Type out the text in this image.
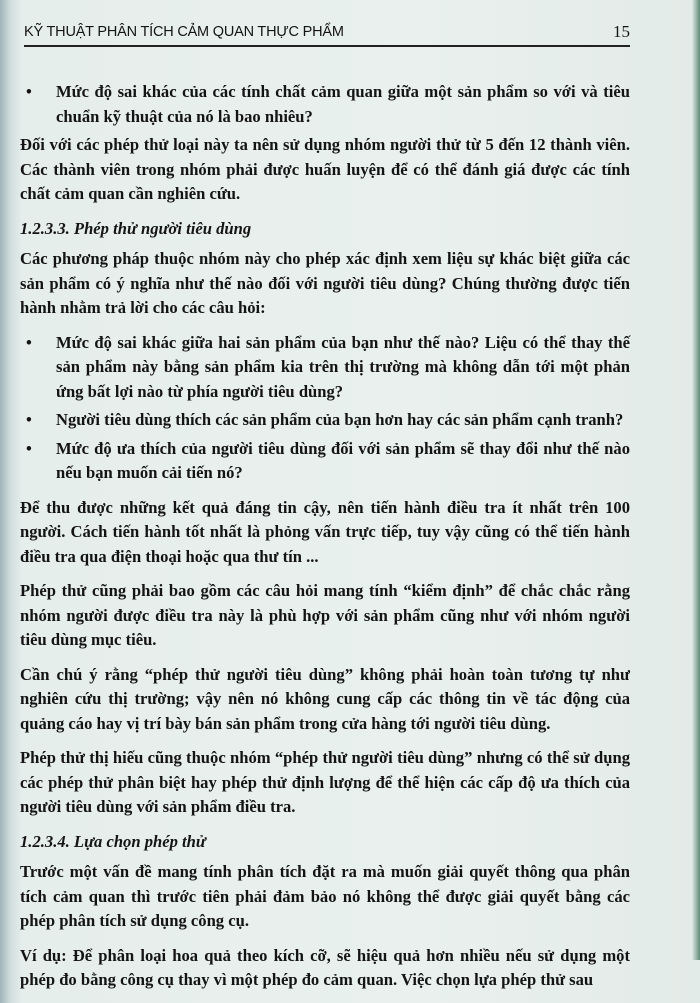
KỸ THUẬT PHÂN TÍCH CẢM QUAN THỰC PHẨM	15
•	Mức độ sai khác của các tính chất cảm quan giữa một sản phẩm so với và tiêu chuẩn kỹ thuật của nó là bao nhiêu?

Đối với các phép thử loại này ta nên sử dụng nhóm người thử từ 5 đến 12 thành viên. Các thành viên trong nhóm phải được huấn luyện để có thể đánh giá được các tính chất cảm quan cần nghiên cứu.

1.2.3.3. Phép thử người tiêu dùng

Các phương pháp thuộc nhóm này cho phép xác định xem liệu sự khác biệt giữa các sản phẩm có ý nghĩa như thế nào đối với người tiêu dùng? Chúng thường được tiến hành nhằm trả lời cho các câu hỏi:

•	Mức độ sai khác giữa hai sản phẩm của bạn như thế nào? Liệu có thể thay thế sản phẩm này bằng sản phẩm kia trên thị trường mà không dẫn tới một phản ứng bất lợi nào từ phía người tiêu dùng?
•	Người tiêu dùng thích các sản phẩm của bạn hơn hay các sản phẩm cạnh tranh?
•	Mức độ ưa thích của người tiêu dùng đối với sản phẩm sẽ thay đổi như thế nào nếu bạn muốn cải tiến nó?

Để thu được những kết quả đáng tin cậy, nên tiến hành điều tra ít nhất trên 100 người. Cách tiến hành tốt nhất là phỏng vấn trực tiếp, tuy vậy cũng có thể tiến hành điều tra qua điện thoại hoặc qua thư tín ...

Phép thử cũng phải bao gồm các câu hỏi mang tính “kiểm định” để chắc chắc rằng nhóm người được điều tra này là phù hợp với sản phẩm cũng như với nhóm người tiêu dùng mục tiêu.

Cần chú ý rằng “phép thử người tiêu dùng” không phải hoàn toàn tương tự như nghiên cứu thị trường; vậy nên nó không cung cấp các thông tin về tác động của quảng cáo hay vị trí bày bán sản phẩm trong cửa hàng tới người tiêu dùng.

Phép thử thị hiếu cũng thuộc nhóm “phép thử người tiêu dùng” nhưng có thể sử dụng các phép thử phân biệt hay phép thử định lượng để thể hiện các cấp độ ưa thích của người tiêu dùng với sản phẩm điều tra.

1.2.3.4. Lựa chọn phép thử

Trước một vấn đề mang tính phân tích đặt ra mà muốn giải quyết thông qua phân tích cảm quan thì trước tiên phải đảm bảo nó không thể được giải quyết bằng các phép phân tích sử dụng công cụ.

Ví dụ: Để phân loại hoa quả theo kích cỡ, sẽ hiệu quả hơn nhiều nếu sử dụng một phép đo bằng công cụ thay vì một phép đo cảm quan. Việc chọn lựa phép thử sau
